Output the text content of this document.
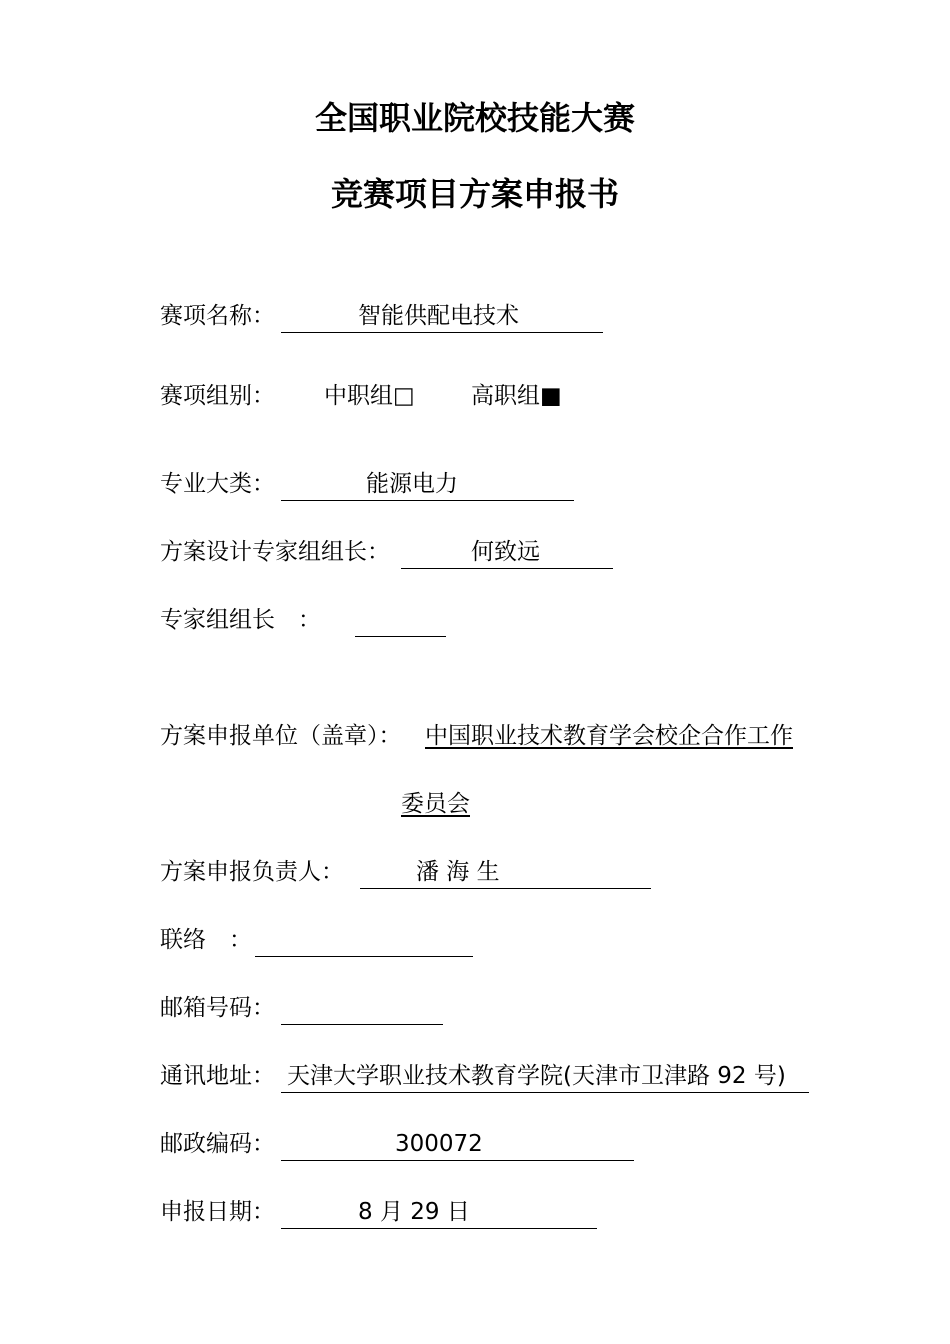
全国职业院校技能大赛
竞赛项目方案申报书
赛项名称：	智能供配电技术
赛项组别： 中职组□ 高职组■
专业大类：	能源电力
方案设计专家组组长：	何致远
专家组组长　：
方案申报单位（盖章）： 中国职业技术教育学会校企合作工作
委员会
方案申报负责人：	潘 海 生
联络　：
邮箱号码：
通讯地址： 天津大学职业技术教育学院(天津市卫津路 92 号)
邮政编码：	300072
申报日期：	8 月 29 日
